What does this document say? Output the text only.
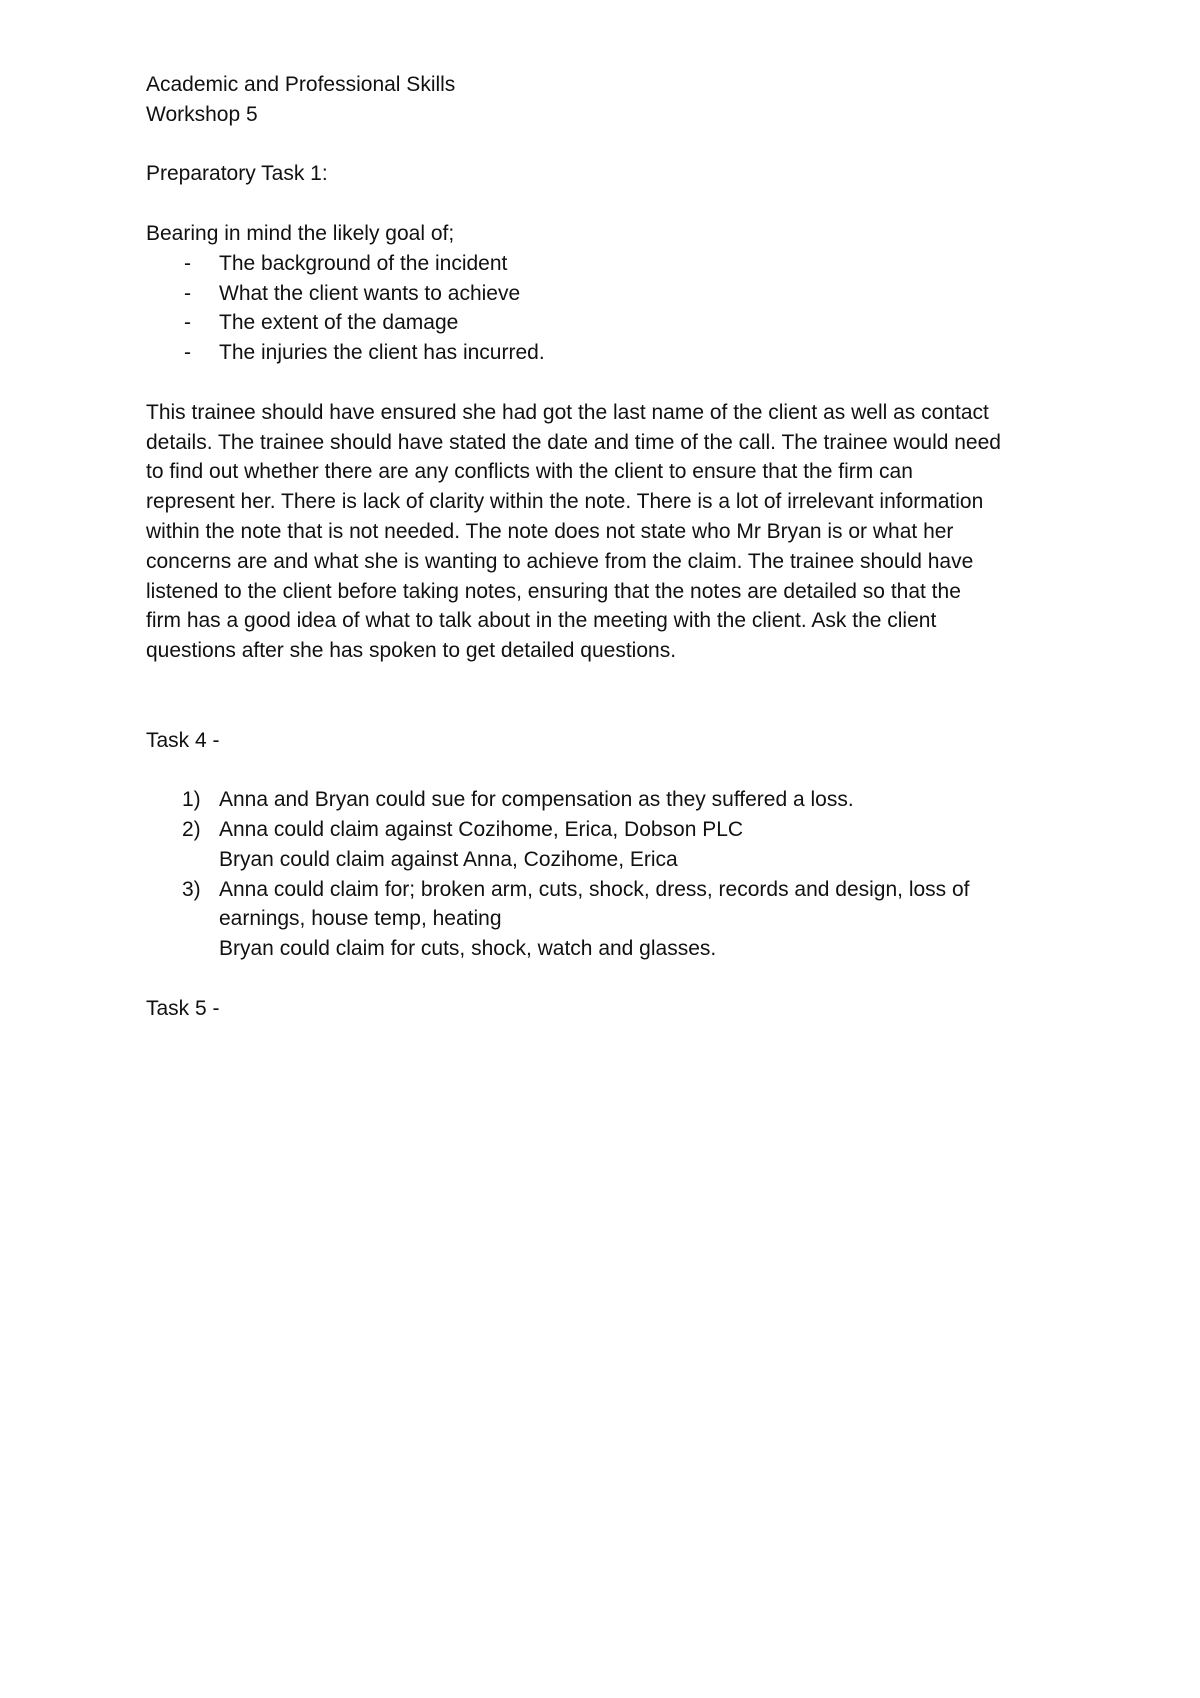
Academic and Professional Skills
Workshop 5
Preparatory Task 1:
Bearing in mind the likely goal of;
- The background of the incident
- What the client wants to achieve
- The extent of the damage
- The injuries the client has incurred.

This trainee should have ensured she had got the last name of the client as well as contact
details. The trainee should have stated the date and time of the call. The trainee would need
to find out whether there are any conflicts with the client to ensure that the firm can
represent her. There is lack of clarity within the note. There is a lot of irrelevant information
within the note that is not needed. The note does not state who Mr Bryan is or what her
concerns are and what she is wanting to achieve from the claim. The trainee should have
listened to the client before taking notes, ensuring that the notes are detailed so that the
firm has a good idea of what to talk about in the meeting with the client. Ask the client
questions after she has spoken to get detailed questions.

Task 4 -
1) Anna and Bryan could sue for compensation as they suffered a loss.
2) Anna could claim against Cozihome, Erica, Dobson PLC
Bryan could claim against Anna, Cozihome, Erica
3) Anna could claim for; broken arm, cuts, shock, dress, records and design, loss of
earnings, house temp, heating
Bryan could claim for cuts, shock, watch and glasses.
Task 5 -
